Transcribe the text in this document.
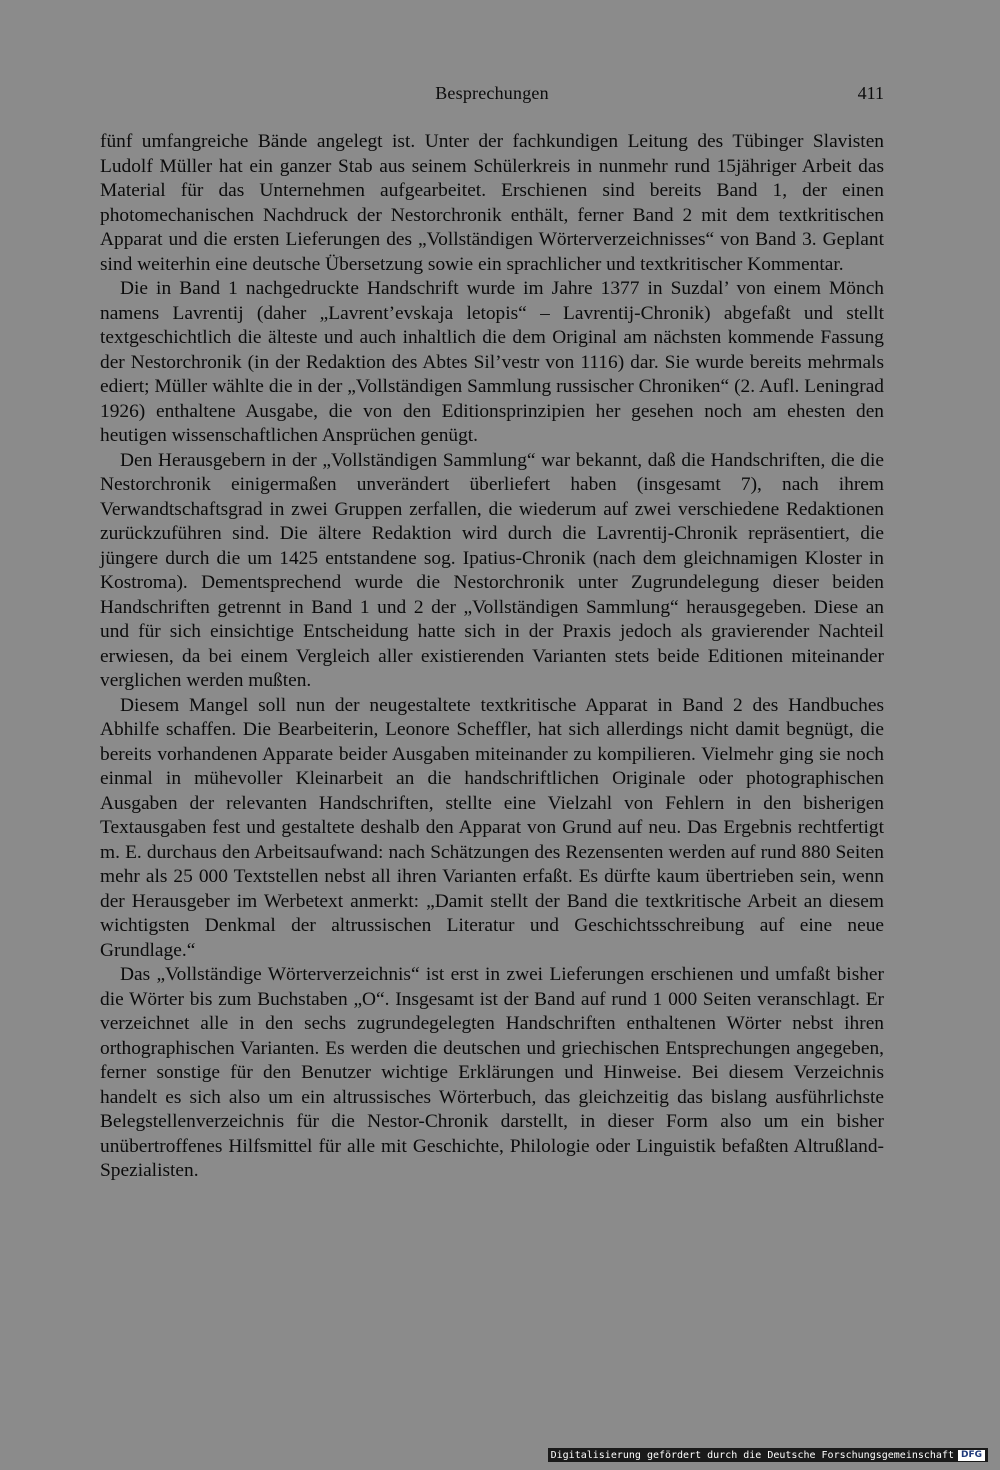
Besprechungen	411

fünf umfangreiche Bände angelegt ist. Unter der fachkundigen Leitung des Tübinger Slavisten Ludolf Müller hat ein ganzer Stab aus seinem Schülerkreis in nunmehr rund 15jähriger Arbeit das Material für das Unternehmen aufgearbeitet. Erschienen sind bereits Band 1, der einen photomechanischen Nachdruck der Nestorchronik enthält, ferner Band 2 mit dem textkritischen Apparat und die ersten Lieferungen des „Vollständigen Wörterverzeichnisses“ von Band 3. Geplant sind weiterhin eine deutsche Übersetzung sowie ein sprachlicher und textkritischer Kommentar.

Die in Band 1 nachgedruckte Handschrift wurde im Jahre 1377 in Suzdal’ von einem Mönch namens Lavrentij (daher „Lavrent’evskaja letopis“ – Lavrentij-Chronik) abgefaßt und stellt textgeschichtlich die älteste und auch inhaltlich die dem Original am nächsten kommende Fassung der Nestorchronik (in der Redaktion des Abtes Sil’vestr von 1116) dar. Sie wurde bereits mehrmals ediert; Müller wählte die in der „Vollständigen Sammlung russischer Chroniken“ (2. Aufl. Leningrad 1926) enthaltene Ausgabe, die von den Editionsprinzipien her gesehen noch am ehesten den heutigen wissenschaftlichen Ansprüchen genügt.

Den Herausgebern in der „Vollständigen Sammlung“ war bekannt, daß die Handschriften, die die Nestorchronik einigermaßen unverändert überliefert haben (insgesamt 7), nach ihrem Verwandtschaftsgrad in zwei Gruppen zerfallen, die wiederum auf zwei verschiedene Redaktionen zurückzuführen sind. Die ältere Redaktion wird durch die Lavrentij-Chronik repräsentiert, die jüngere durch die um 1425 entstandene sog. Ipatius-Chronik (nach dem gleichnamigen Kloster in Kostroma). Dementsprechend wurde die Nestorchronik unter Zugrundelegung dieser beiden Handschriften getrennt in Band 1 und 2 der „Vollständigen Sammlung“ herausgegeben. Diese an und für sich einsichtige Entscheidung hatte sich in der Praxis jedoch als gravierender Nachteil erwiesen, da bei einem Vergleich aller existierenden Varianten stets beide Editionen miteinander verglichen werden mußten.

Diesem Mangel soll nun der neugestaltete textkritische Apparat in Band 2 des Handbuches Abhilfe schaffen. Die Bearbeiterin, Leonore Scheffler, hat sich allerdings nicht damit begnügt, die bereits vorhandenen Apparate beider Ausgaben miteinander zu kompilieren. Vielmehr ging sie noch einmal in mühevoller Kleinarbeit an die handschriftlichen Originale oder photographischen Ausgaben der relevanten Handschriften, stellte eine Vielzahl von Fehlern in den bisherigen Textausgaben fest und gestaltete deshalb den Apparat von Grund auf neu. Das Ergebnis rechtfertigt m. E. durchaus den Arbeitsaufwand: nach Schätzungen des Rezensenten werden auf rund 880 Seiten mehr als 25 000 Textstellen nebst all ihren Varianten erfaßt. Es dürfte kaum übertrieben sein, wenn der Herausgeber im Werbetext anmerkt: „Damit stellt der Band die textkritische Arbeit an diesem wichtigsten Denkmal der altrussischen Literatur und Geschichtsschreibung auf eine neue Grundlage.“

Das „Vollständige Wörterverzeichnis“ ist erst in zwei Lieferungen erschienen und umfaßt bisher die Wörter bis zum Buchstaben „O“. Insgesamt ist der Band auf rund 1 000 Seiten veranschlagt. Er verzeichnet alle in den sechs zugrundegelegten Handschriften enthaltenen Wörter nebst ihren orthographischen Varianten. Es werden die deutschen und griechischen Entsprechungen angegeben, ferner sonstige für den Benutzer wichtige Erklärungen und Hinweise. Bei diesem Verzeichnis handelt es sich also um ein altrussisches Wörterbuch, das gleichzeitig das bislang ausführlichste Belegstellenverzeichnis für die Nestor-Chronik darstellt, in dieser Form also um ein bisher unübertroffenes Hilfsmittel für alle mit Geschichte, Philologie oder Linguistik befaßten Altrußland-Spezialisten.

Digitalisierung gefördert durch die Deutsche Forschungsgemeinschaft DFG
